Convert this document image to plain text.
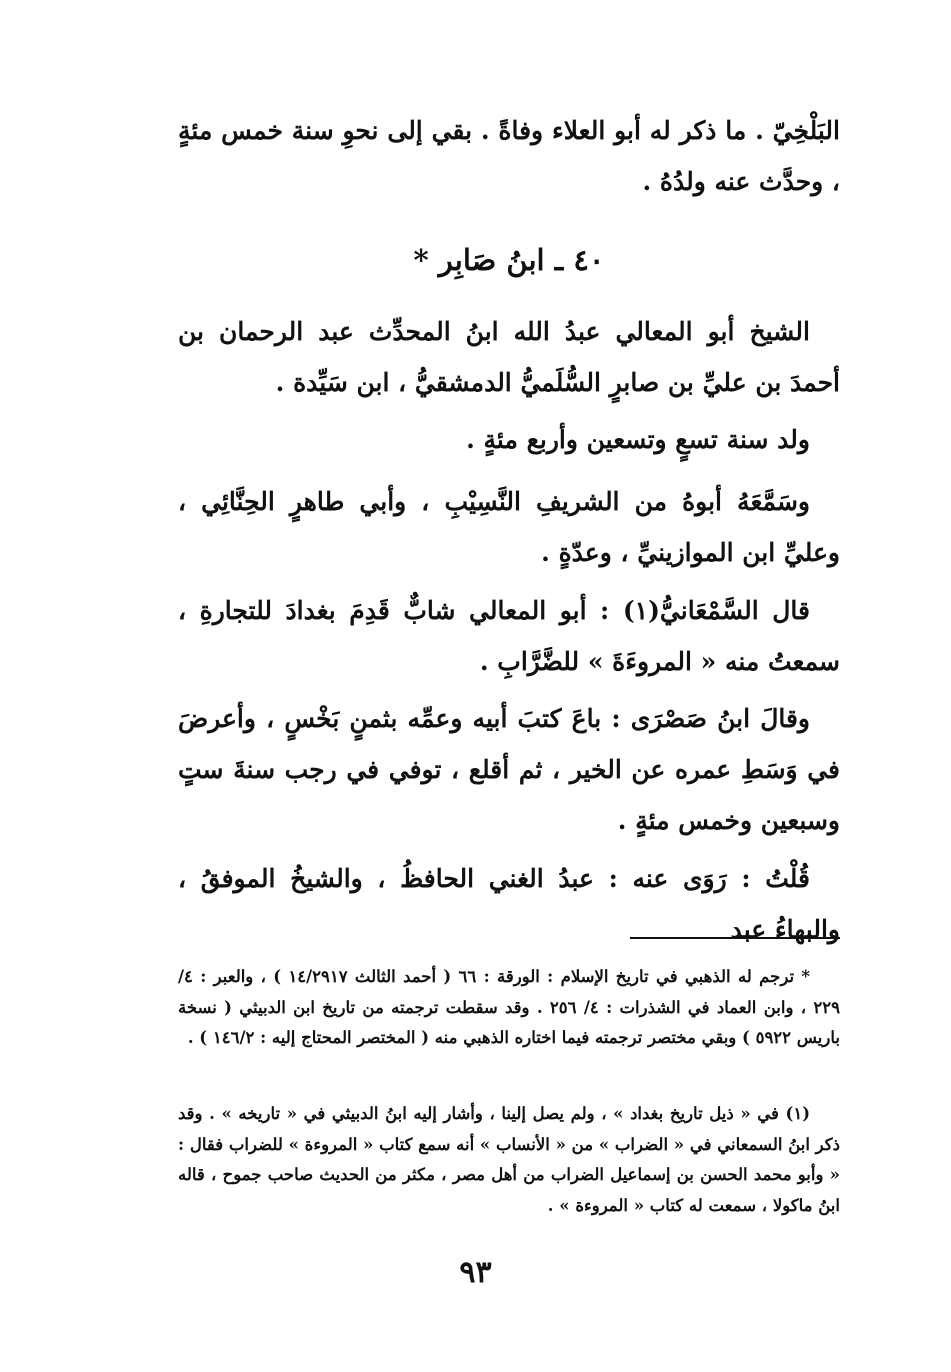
البَلْخِيّ . ما ذكر له أبو العلاء وفاةً . بقي إلى نحوِ سنة خمس مئةٍ ، وحدَّث عنه ولدُهُ .

٤٠ ـ ابنُ صَابِر *

الشيخ أبو المعالي عبدُ الله ابنُ المحدِّث عبد الرحمان بن أحمدَ بن عليِّ بن صابرٍ السُّلَميُّ الدمشقيُّ ، ابن سَيِّدة .

ولد سنة تسعٍ وتسعين وأربع مئةٍ .

وسَمَّعَهُ أبوهُ من الشريفِ النَّسِيْبِ ، وأبي طاهرٍ الحِنَّائِي ، وعليِّ ابن الموازينيِّ ، وعدّةٍ .

قال السَّمْعَانيُّ(١) : أبو المعالي شابٌّ قَدِمَ بغدادَ للتجارةِ ، سمعتُ منه « المروءَةَ » للضَّرَّابِ .

وقالَ ابنُ صَصْرَى : باعَ كتبَ أبيه وعمِّه بثمنٍ بَخْسٍ ، وأعرضَ في وَسَطِ عمره عن الخير ، ثم أقلع ، توفي في رجب سنةَ ستٍ وسبعين وخمس مئةٍ .

قُلْتُ : رَوَى عنه : عبدُ الغني الحافظُ ، والشيخُ الموفقُ ، والبهاءُ عبد

* ترجم له الذهبي في تاريخ الإسلام : الورقة : ٦٦ ( أحمد الثالث ١٤/٢٩١٧ ) ، والعبر : ٤/ ٢٢٩ ، وابن العماد في الشذرات : ٤/ ٢٥٦ . وقد سقطت ترجمته من تاريخ ابن الدبيثي ( نسخة باريس ٥٩٢٢ ) وبقي مختصر ترجمته فيما اختاره الذهبي منه ( المختصر المحتاج إليه : ١٤٦/٢ ) .

(١) في « ذيل تاريخ بغداد » ، ولم يصل إلينا ، وأشار إليه ابنُ الدبيثي في « تاريخه » . وقد ذكر ابنُ السمعاني في « الضراب » من « الأنساب » أنه سمع كتاب « المروءة » للضراب فقال : « وأبو محمد الحسن بن إسماعيل الضراب من أهل مصر ، مكثر من الحديث صاحب جموح ، قاله ابنُ ماكولا ، سمعت له كتاب « المروءة » .

٩٣
